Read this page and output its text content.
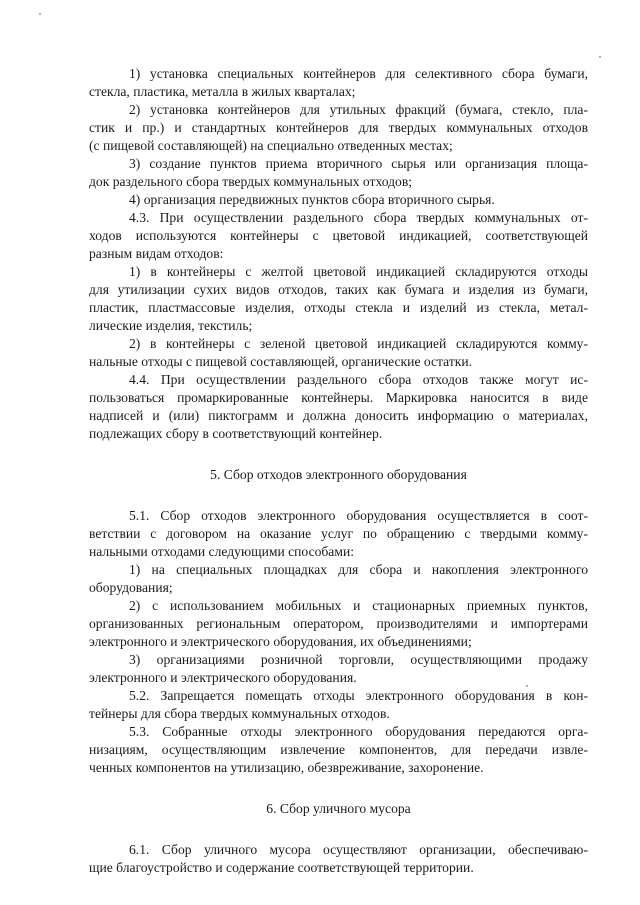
1) установка специальных контейнеров для селективного сбора бумаги,
стекла, пластика, металла в жилых кварталах;
2) установка контейнеров для утильных фракций (бумага, стекло, пла-
стик и пр.) и стандартных контейнеров для твердых коммунальных отходов
(с пищевой составляющей) на специально отведенных местах;
3) создание пунктов приема вторичного сырья или организация площа-
док раздельного сбора твердых коммунальных отходов;
4) организация передвижных пунктов сбора вторичного сырья.
4.3. При осуществлении раздельного сбора твердых коммунальных от-
ходов используются контейнеры с цветовой индикацией, соответствующей
разным видам отходов:
1) в контейнеры с желтой цветовой индикацией складируются отходы
для утилизации сухих видов отходов, таких как бумага и изделия из бумаги,
пластик, пластмассовые изделия, отходы стекла и изделий из стекла, метал-
лические изделия, текстиль;
2) в контейнеры с зеленой цветовой индикацией складируются комму-
нальные отходы с пищевой составляющей, органические остатки.
4.4. При осуществлении раздельного сбора отходов также могут ис-
пользоваться промаркированные контейнеры. Маркировка наносится в виде
надписей и (или) пиктограмм и должна доносить информацию о материалах,
подлежащих сбору в соответствующий контейнер.
5. Сбор отходов электронного оборудования
5.1. Сбор отходов электронного оборудования осуществляется в соот-
ветствии с договором на оказание услуг по обращению с твердыми комму-
нальными отходами следующими способами:
1) на специальных площадках для сбора и накопления электронного
оборудования;
2) с использованием мобильных и стационарных приемных пунктов,
организованных региональным оператором, производителями и импортерами
электронного и электрического оборудования, их объединениями;
3) организациями розничной торговли, осуществляющими продажу
электронного и электрического оборудования.
5.2. Запрещается помещать отходы электронного оборудования в кон-
тейнеры для сбора твердых коммунальных отходов.
5.3. Собранные отходы электронного оборудования передаются орга-
низациям, осуществляющим извлечение компонентов, для передачи извле-
ченных компонентов на утилизацию, обезвреживание, захоронение.
6. Сбор уличного мусора
6.1. Сбор уличного мусора осуществляют организации, обеспечиваю-
щие благоустройство и содержание соответствующей территории.
